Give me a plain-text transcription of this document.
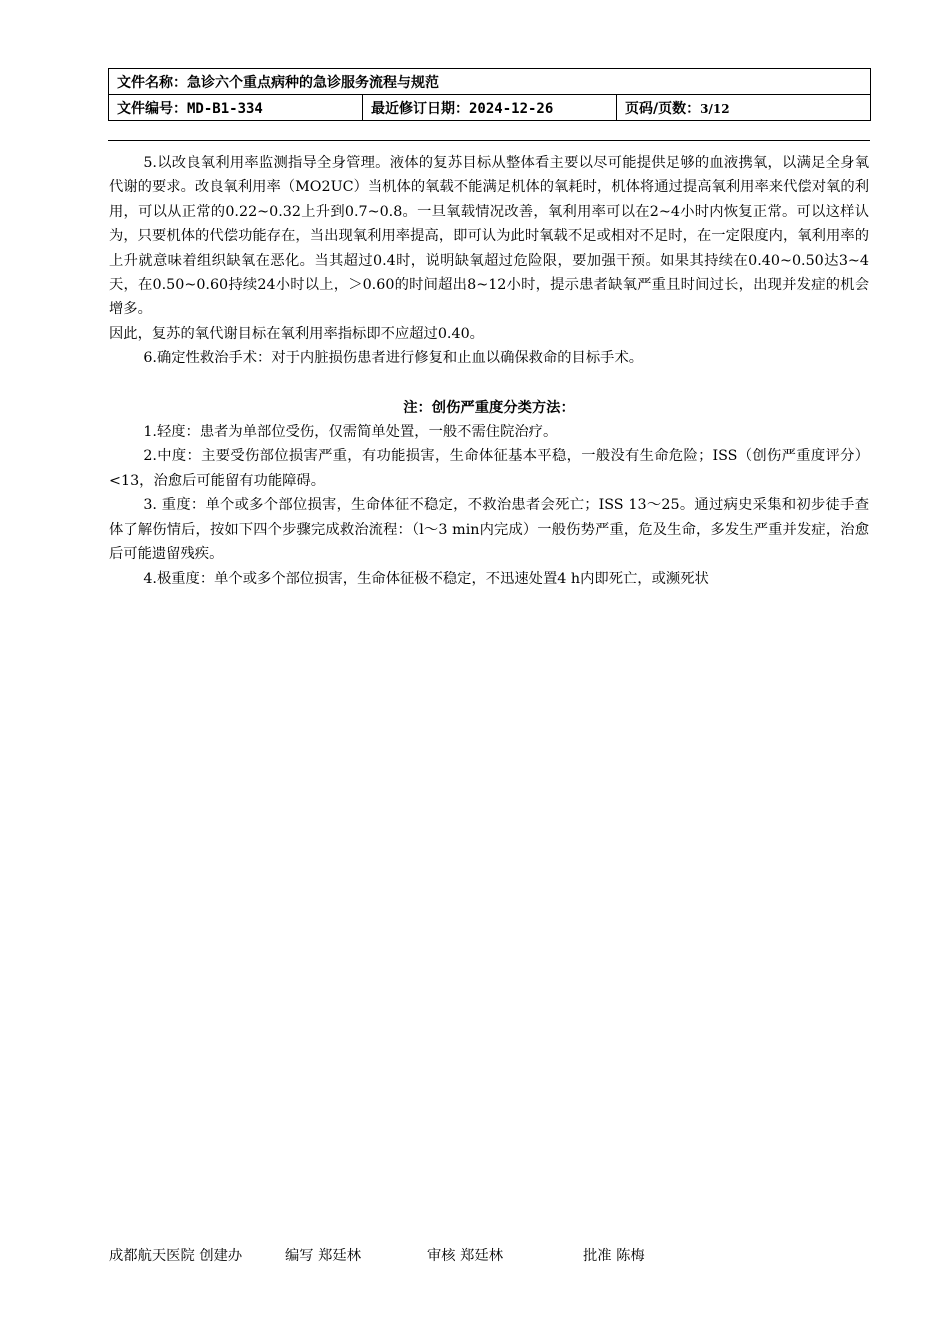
文件名称：急诊六个重点病种的急诊服务流程与规范
文件编号：MD-B1-334	最近修订日期：2024-12-26	页码/页数：3/12

5.以改良氧利用率监测指导全身管理。液体的复苏目标从整体看主要以尽可能提供足够的血液携氧，以满足全身氧代谢的要求。改良氧利用率（MO2UC）当机体的氧载不能满足机体的氧耗时，机体将通过提高氧利用率来代偿对氧的利用，可以从正常的0.22~0.32上升到0.7~0.8。一旦氧载情况改善，氧利用率可以在2~4小时内恢复正常。可以这样认为，只要机体的代偿功能存在，当出现氧利用率提高，即可认为此时氧载不足或相对不足时，在一定限度内，氧利用率的上升就意味着组织缺氧在恶化。当其超过0.4时，说明缺氧超过危险限，要加强干预。如果其持续在0.40~0.50达3~4天，在0.50~0.60持续24小时以上，＞0.60的时间超出8~12小时，提示患者缺氧严重且时间过长，出现并发症的机会增多。

因此，复苏的氧代谢目标在氧利用率指标即不应超过0.40。

6.确定性救治手术：对于内脏损伤患者进行修复和止血以确保救命的目标手术。

注：创伤严重度分类方法：

1.轻度：患者为单部位受伤，仅需简单处置，一般不需住院治疗。

2.中度：主要受伤部位损害严重，有功能损害，生命体征基本平稳，一般没有生命危险；ISS（创伤严重度评分）<13，治愈后可能留有功能障碍。

3. 重度：单个或多个部位损害，生命体征不稳定，不救治患者会死亡；ISS 13～25。通过病史采集和初步徒手查体了解伤情后，按如下四个步骤完成救治流程：（l～3 min内完成）一般伤势严重，危及生命，多发生严重并发症，治愈后可能遗留残疾。

4.极重度：单个或多个部位损害，生命体征极不稳定，不迅速处置4 h内即死亡，或濒死状

成都航天医院 创建办	编写 郑廷林	审核 郑廷林	批准 陈梅
